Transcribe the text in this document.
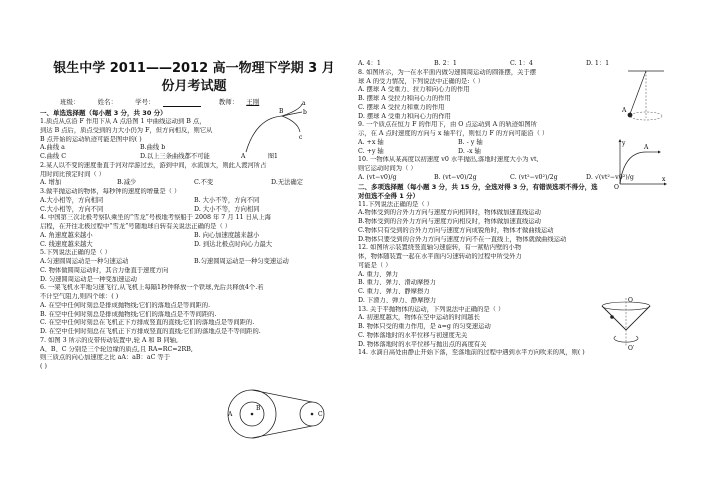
银生中学 2011——2012 高一物理下学期 3 月

份月考试题

班级：	姓名：	学号：	教师： 王刚

一、单选选择题（每小题 3 分，共 30 分）

1.质点从点沿 F 作用下从 A 点沿图 1 中曲线运动到 B 点，

到达 B 点后，质点受到的力大小仍为 F，但方向相反，则它从

B 点开始的运动轨迹可能是图中的( )

A.曲线 a	B.曲线 b

C.曲线 C	D.以上三条曲线都不可能

2.某人以不变的速度垂直于河对岸游过去，游到中间，水流加大，则此人渡河所占

用时间比预定时间（ ）

A. 增加	B.减少	C.不变	D.无法确定

3.做平抛运动的物体，每秒钟的速度的增量是（ ）

A.大小相等，方向相同	B. 大小不等，方向不同

C.大小相等，方向不同	D. 大小不等，方向相同

4. 中国第三次北极考察队乘坐的“雪龙”号极地考察船于 2008 年 7 月 11 日从上海

启程，在开往北极过程中“雪龙”号随地球自转有关说法正确的是（ ）

A. 角速度越来越小	B. 向心加速度越来越小

C. 线速度越来越大	D. 到达北极点时向心力最大

5.下列说法正确的是（ ）

A.匀速圆周运动是一种匀速运动	B.匀速圆周运动是一种匀变速运动

C. 物体做圆周运动时，其合力垂直于速度方向

D. 匀速圆周运动是一种变加速运动

6. 一架飞机水平地匀速飞行,从飞机上每隔1秒钟释放一个铁球,先后共释放4个.若

不计空气阻力,则四个球：( )

A. 在空中任何时刻总是排成抛物线;它们的落地点是等间距的.

B. 在空中任何时刻总是排成抛物线;它们的落地点是不等间距的.

C. 在空中任何时刻总在飞机正下方排成竖直的直线;它们的落地点是等间距的.

D. 在空中任何时刻总在飞机正下方排成竖直的直线;它们的落地点是不等间距的.

7. 如图 3 所示的皮带传动装置中,轮 A 和 B 同轴,

A、B、C 分别是三个轮边缘的质点,且 RA=RC=2RB,

则三质点的向心加速度之比 aA：aB：aC 等于

( )

a
b
c
A
B
图1
A
B
C

A. 4：1	B. 2：1	C. 1：4	D. 1：1

8. 如图所示，为一在水平面内做匀速圆周运动的圆锥摆，关于摆

球 A 的受力情况，下列说法中正确的是:（ ）

A. 摆球 A 受重力、拉力和向心力的作用

B. 摆球 A 受拉力和向心力的作用

C. 摆球 A 受拉力和重力的作用

D. 摆球 A 受重力和向心力的作用

9. 一个质点在恒力 F 的作用下，由 O 点运动到 A 的轨迹如图所

示，在 A 点时速度的方向与 x 轴平行，则恒力 F 的方向可能沿（ ）

A. +x 轴	B. - y 轴

C. +y 轴	D. -x 轴

10. 一物体从某高度以初速度 v0 水平抛出,落地时速度大小为 vt,

则它运动时间为（ ）

A. (vt−v0)/g	B. (vt−v0)/2g	C. (vt²−v0²)/2g	D. √(vt²−v0²)/g

二、多项选择题（每小题 3 分，共 15 分，全选对得 3 分，有错误选项不得分，选

对但选不全得 1 分）

11.下列说法正确的是（ ）

A.物体受到的合外力方向与速度方向相同时，物体做加速直线运动

B.物体受到的合外力方向与速度方向相反时，物体做加速直线运动

C.物体只有受到的合外力方向与速度方向成锐角时，物体才做曲线运动

D.物体只要受到的合外力方向与速度方向不在一直线上，物体就做曲线运动

12. 如图所示装置绕竖直轴匀速旋转，有一紧贴内壁的小物

体，物体随装置一起在水平面内匀速转动的过程中所受外力

可能是（ ）

A. 重力、弹力

B. 重力、弹力、滑动摩擦力

C. 重力、弹力、静摩擦力

D. 下滑力、弹力、静摩擦力

13. 关于平抛物体的运动，下列说法中正确的是（ ）

A. 初速度越大，物体在空中运动的时间越长

B. 物体只受的重力作用，是 a=g 的匀变速运动

C. 物体落地时的水平位移与初速度无关

D. 物体落地时的水平位移与抛出点的高度有关

14. 水滴自高处由静止开始下落，至落地前的过程中遇到水平方向吹来的风，则( )

A
y
A
x
O
O
O′
